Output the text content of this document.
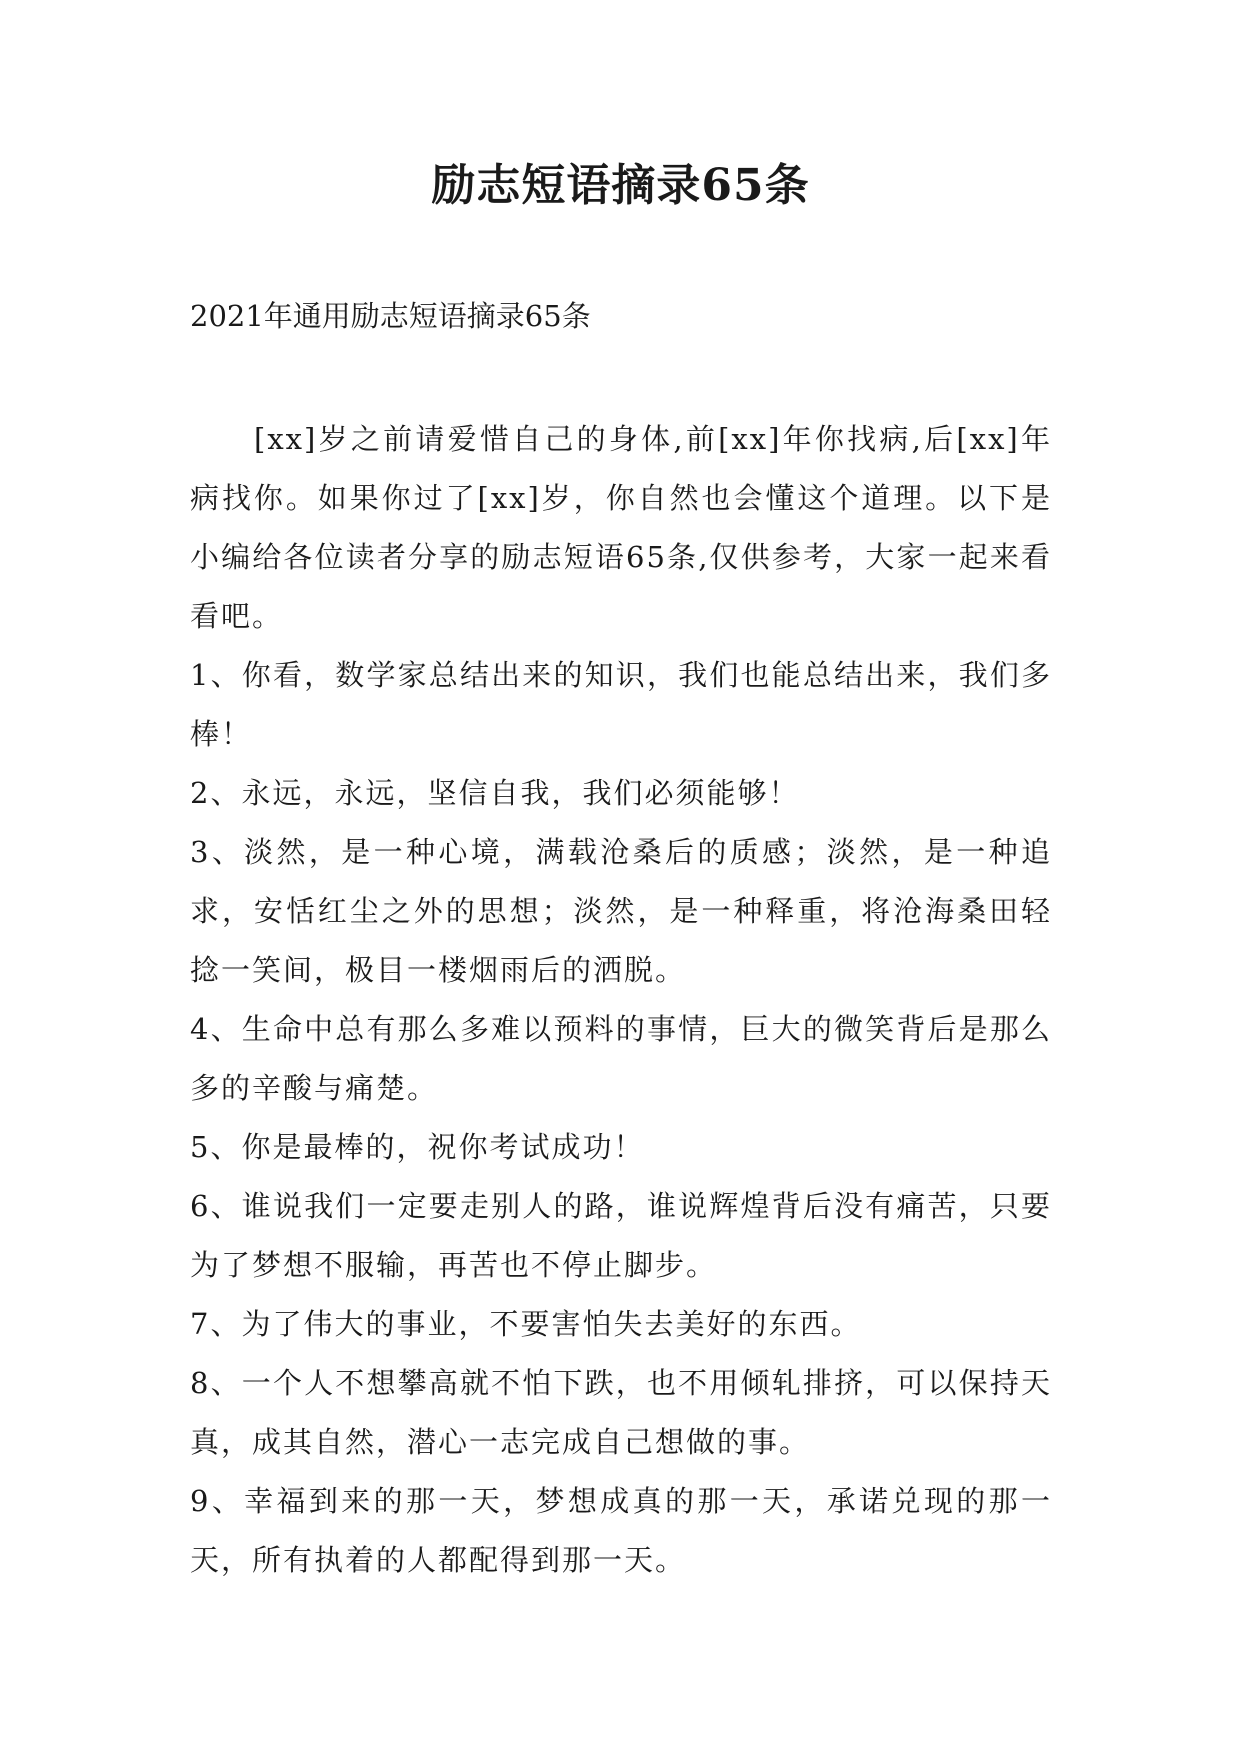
励志短语摘录65条

2021年通用励志短语摘录65条

[xx]岁之前请爱惜自己的身体,前[xx]年你找病,后[xx]年病找你。如果你过了[xx]岁，你自然也会懂这个道理。以下是小编给各位读者分享的励志短语65条,仅供参考，大家一起来看看吧。

1、你看，数学家总结出来的知识，我们也能总结出来，我们多棒！

2、永远，永远，坚信自我，我们必须能够！

3、淡然，是一种心境，满载沧桑后的质感；淡然，是一种追求，安恬红尘之外的思想；淡然，是一种释重，将沧海桑田轻捻一笑间，极目一楼烟雨后的洒脱。

4、生命中总有那么多难以预料的事情，巨大的微笑背后是那么多的辛酸与痛楚。

5、你是最棒的，祝你考试成功！

6、谁说我们一定要走别人的路，谁说辉煌背后没有痛苦，只要为了梦想不服输，再苦也不停止脚步。

7、为了伟大的事业，不要害怕失去美好的东西。

8、一个人不想攀高就不怕下跌，也不用倾轧排挤，可以保持天真，成其自然，潜心一志完成自己想做的事。

9、幸福到来的那一天，梦想成真的那一天，承诺兑现的那一天，所有执着的人都配得到那一天。
